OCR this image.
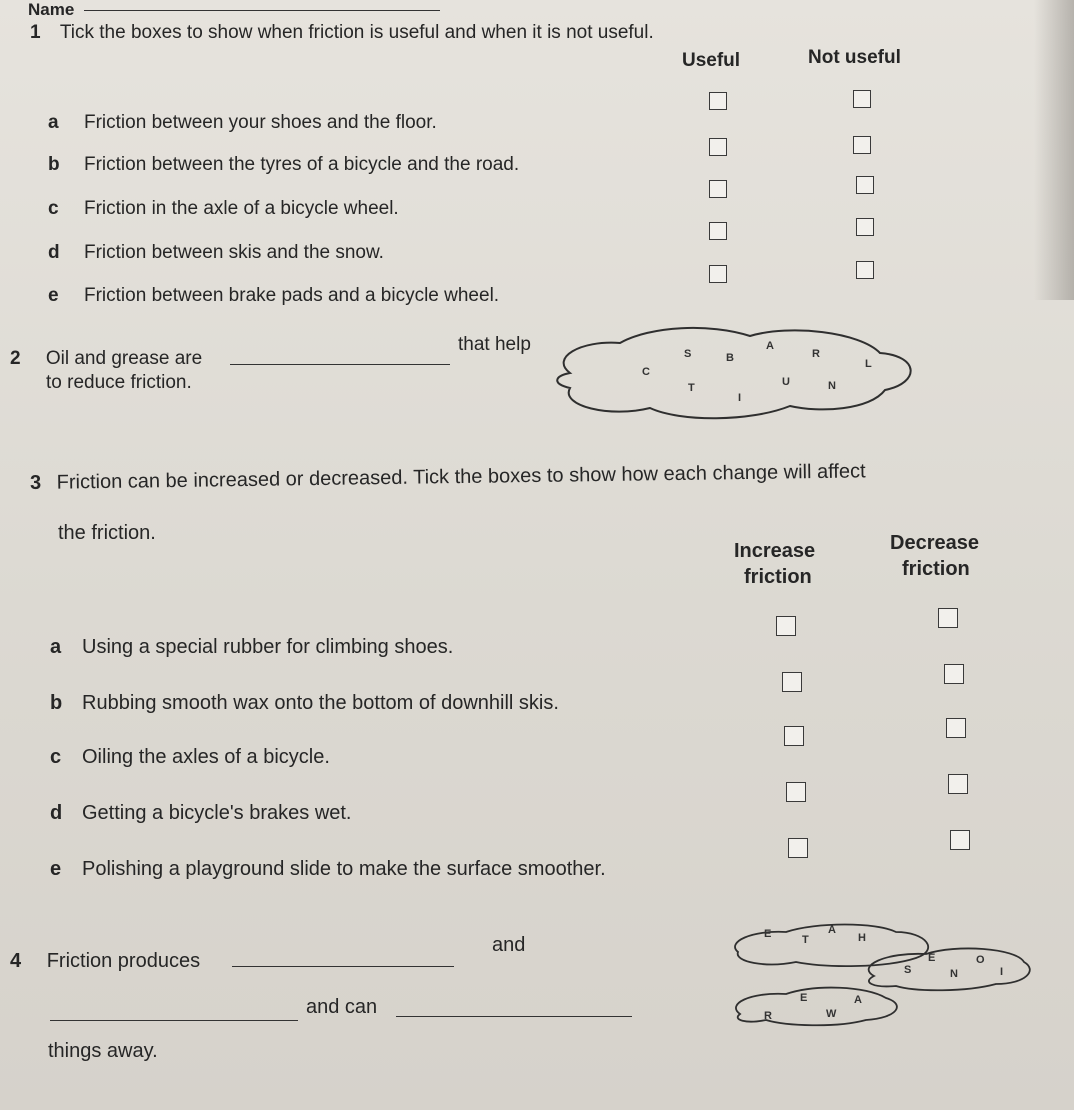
Name
1 Tick the boxes to show when friction is useful and when it is not useful.
Useful	Not useful
a Friction between your shoes and the floor.
b Friction between the tyres of a bicycle and the road.
c Friction in the axle of a bicycle wheel.
d Friction between skis and the snow.
e Friction between brake pads and a bicycle wheel.
2 Oil and grease are
that help
to reduce friction.
S	B
A
R
L
C
T
I
U	N
3 Friction can be increased or decreased. Tick the boxes to show how each change will affect
the friction.
Increase
friction
Decrease
friction
a Using a special rubber for climbing shoes.
b Rubbing smooth wax onto the bottom of downhill skis.
c Oiling the axles of a bicycle.
d Getting a bicycle's brakes wet.
e Polishing a playground slide to make the surface smoother.
4 Friction produces
and
and can
things away.
E	T
A
H
S
E
N
O
I
R
E
W
A
